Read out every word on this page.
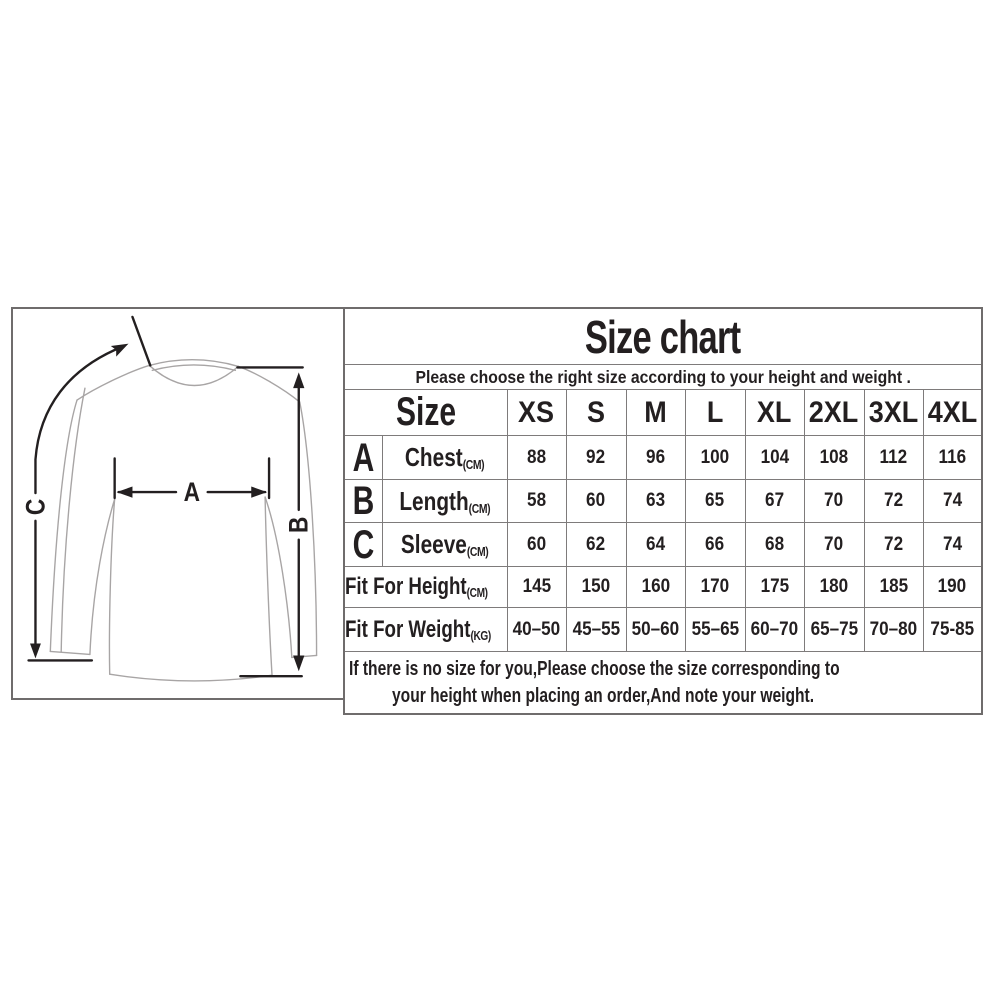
A
B
C
Size chart									
Please choose the right size according to your height and weight .									
Size		XS	S	M	L	XL	2XL	3XL	4XL
A	Chest(CM)	88	92	96	100	104	108	112	116
B	Length(CM)	58	60	63	65	67	70	72	74
C	Sleeve(CM)	60	62	64	66	68	70	72	74
Fit For Height(CM)		145	150	160	170	175	180	185	190
Fit For Weight(KG)		40–50	45–55	50–60	55–65	60–70	65–75	70–80	75-85

If there is no size for you,Please choose the size corresponding to
your height when placing an order,And note your weight.									
